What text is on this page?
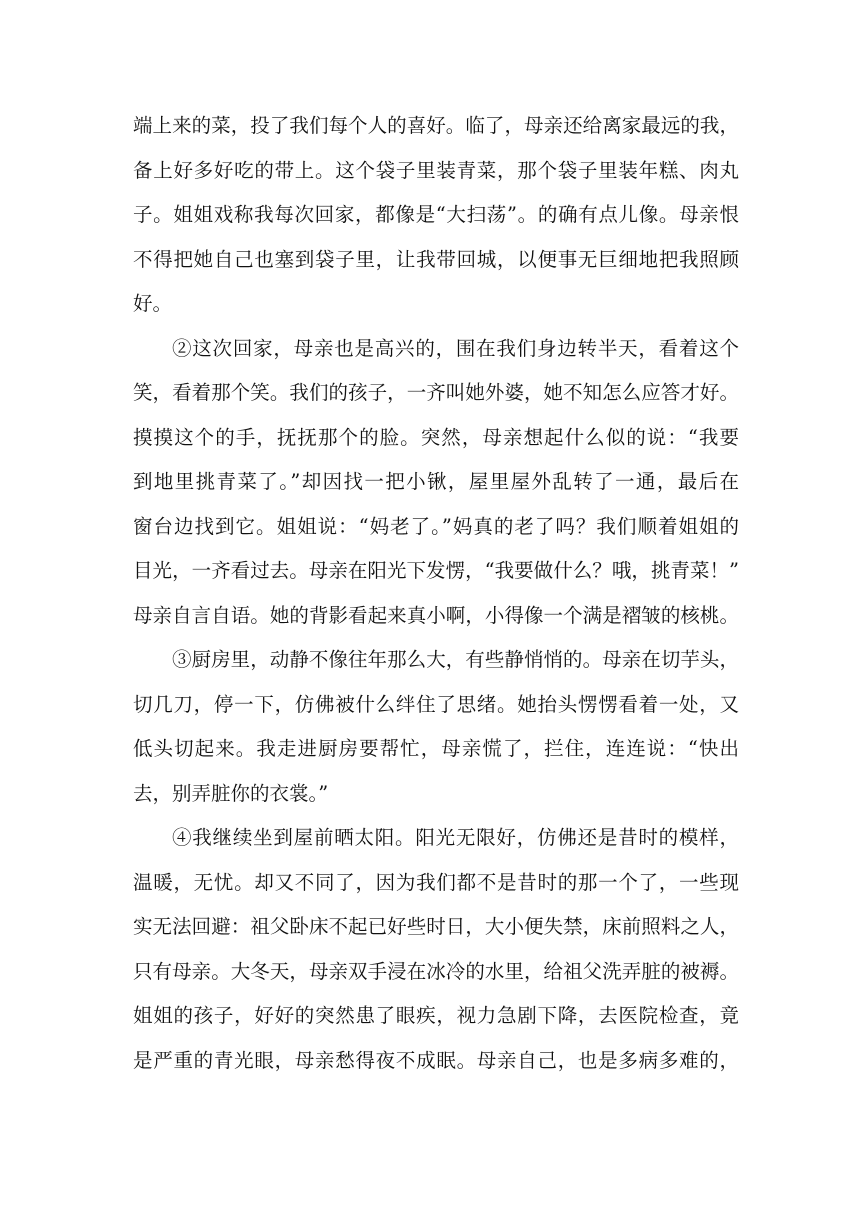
端上来的菜，投了我们每个人的喜好。临了，母亲还给离家最远的我，
备上好多好吃的带上。这个袋子里装青菜，那个袋子里装年糕、肉丸
子。姐姐戏称我每次回家，都像是“大扫荡”。的确有点儿像。母亲恨
不得把她自己也塞到袋子里，让我带回城，以便事无巨细地把我照顾
好。
②这次回家，母亲也是高兴的，围在我们身边转半天，看着这个
笑，看着那个笑。我们的孩子，一齐叫她外婆，她不知怎么应答才好。
摸摸这个的手，抚抚那个的脸。突然，母亲想起什么似的说：“我要
到地里挑青菜了。”却因找一把小锹，屋里屋外乱转了一通，最后在
窗台边找到它。姐姐说：“妈老了。”妈真的老了吗？我们顺着姐姐的
目光，一齐看过去。母亲在阳光下发愣，“我要做什么？哦，挑青菜！”
母亲自言自语。她的背影看起来真小啊，小得像一个满是褶皱的核桃。
③厨房里，动静不像往年那么大，有些静悄悄的。母亲在切芋头，
切几刀，停一下，仿佛被什么绊住了思绪。她抬头愣愣看着一处，又
低头切起来。我走进厨房要帮忙，母亲慌了，拦住，连连说：“快出
去，别弄脏你的衣裳。”
④我继续坐到屋前晒太阳。阳光无限好，仿佛还是昔时的模样，
温暖，无忧。却又不同了，因为我们都不是昔时的那一个了，一些现
实无法回避：祖父卧床不起已好些时日，大小便失禁，床前照料之人，
只有母亲。大冬天，母亲双手浸在冰冷的水里，给祖父洗弄脏的被褥。
姐姐的孩子，好好的突然患了眼疾，视力急剧下降，去医院检查，竟
是严重的青光眼，母亲愁得夜不成眠。母亲自己，也是多病多难的，
